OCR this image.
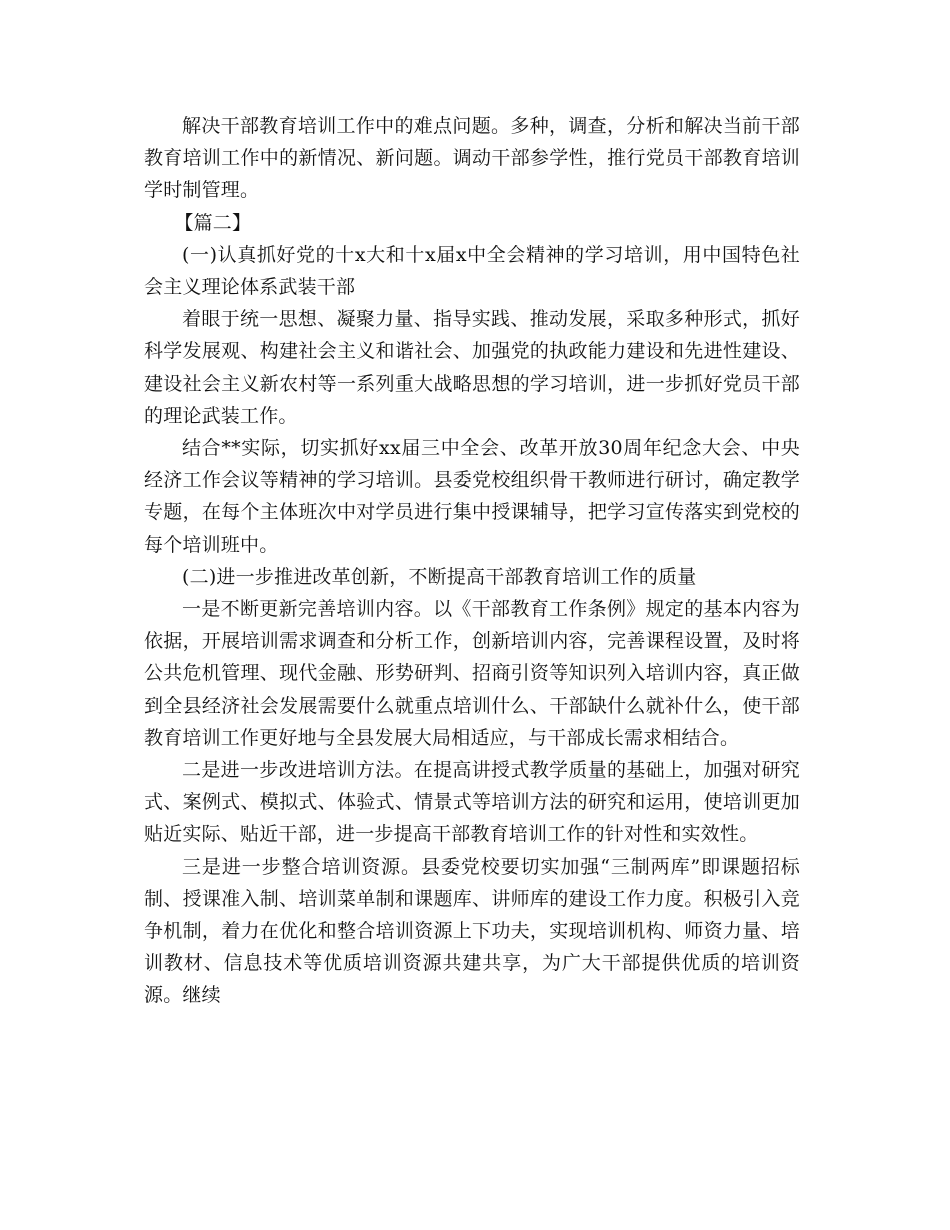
解决干部教育培训工作中的难点问题。多种，调查，分析和解决当前干部教育培训工作中的新情况、新问题。调动干部参学性，推行党员干部教育培训学时制管理。

【篇二】

(一)认真抓好党的十x大和十x届x中全会精神的学习培训，用中国特色社会主义理论体系武装干部

着眼于统一思想、凝聚力量、指导实践、推动发展，采取多种形式，抓好科学发展观、构建社会主义和谐社会、加强党的执政能力建设和先进性建设、建设社会主义新农村等一系列重大战略思想的学习培训，进一步抓好党员干部的理论武装工作。

结合**实际，切实抓好xx届三中全会、改革开放30周年纪念大会、中央经济工作会议等精神的学习培训。县委党校组织骨干教师进行研讨，确定教学专题，在每个主体班次中对学员进行集中授课辅导，把学习宣传落实到党校的每个培训班中。

(二)进一步推进改革创新，不断提高干部教育培训工作的质量

一是不断更新完善培训内容。以《干部教育工作条例》规定的基本内容为依据，开展培训需求调查和分析工作，创新培训内容，完善课程设置，及时将公共危机管理、现代金融、形势研判、招商引资等知识列入培训内容，真正做到全县经济社会发展需要什么就重点培训什么、干部缺什么就补什么，使干部教育培训工作更好地与全县发展大局相适应，与干部成长需求相结合。

二是进一步改进培训方法。在提高讲授式教学质量的基础上，加强对研究式、案例式、模拟式、体验式、情景式等培训方法的研究和运用，使培训更加贴近实际、贴近干部，进一步提高干部教育培训工作的针对性和实效性。

三是进一步整合培训资源。县委党校要切实加强“三制两库”即课题招标制、授课准入制、培训菜单制和课题库、讲师库的建设工作力度。积极引入竞争机制，着力在优化和整合培训资源上下功夫，实现培训机构、师资力量、培训教材、信息技术等优质培训资源共建共享，为广大干部提供优质的培训资源。继续
